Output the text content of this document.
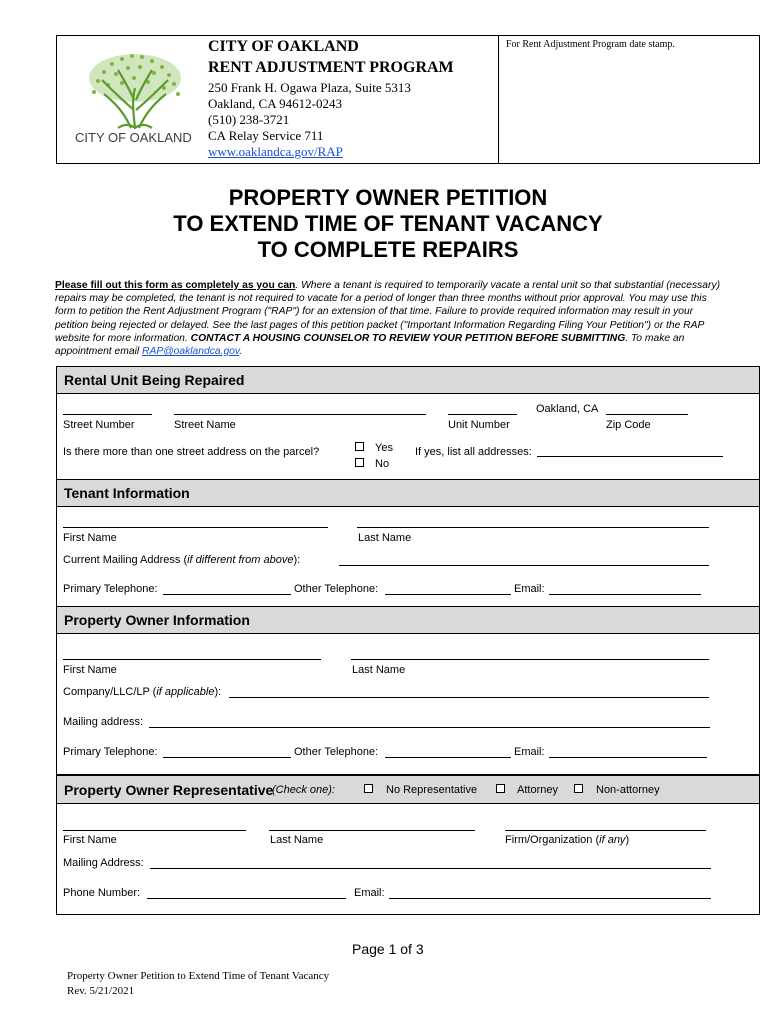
CITY OF OAKLAND
CITY OF OAKLAND
RENT ADJUSTMENT PROGRAM
250 Frank H. Ogawa Plaza, Suite 5313
Oakland, CA 94612-0243
(510) 238-3721
CA Relay Service 711
www.oaklandca.gov/RAP
For Rent Adjustment Program date stamp.
PROPERTY OWNER PETITION
TO EXTEND TIME OF TENANT VACANCY
TO COMPLETE REPAIRS
Please fill out this form as completely as you can. Where a tenant is required to temporarily vacate a rental unit so that substantial (necessary) repairs may be completed, the tenant is not required to vacate for a period of longer than three months without prior approval. You may use this form to petition the Rent Adjustment Program ("RAP") for an extension of that time. Failure to provide required information may result in your petition being rejected or delayed. See the last pages of this petition packet ("Important Information Regarding Filing Your Petition") or the RAP website for more information. CONTACT A HOUSING COUNSELOR TO REVIEW YOUR PETITION BEFORE SUBMITTING. To make an appointment email RAP@oaklandca.gov.
Rental Unit Being Repaired
Oakland, CA
Street Number	Street Name	Unit Number	Zip Code
Is there more than one street address on the parcel?	Yes
No
If yes, list all addresses:
Tenant Information
First Name	Last Name
Current Mailing Address (if different from above):
Primary Telephone:	Other Telephone:	Email:
Property Owner Information
First Name	Last Name
Company/LLC/LP (if applicable):
Mailing address:
Primary Telephone:	Other Telephone:	Email:
Property Owner Representative
(Check one):	No Representative	Attorney	Non-attorney
First Name	Last Name	Firm/Organization (if any)
Mailing Address:
Phone Number:	Email:
Page 1 of 3
Property Owner Petition to Extend Time of Tenant Vacancy
Rev. 5/21/2021
